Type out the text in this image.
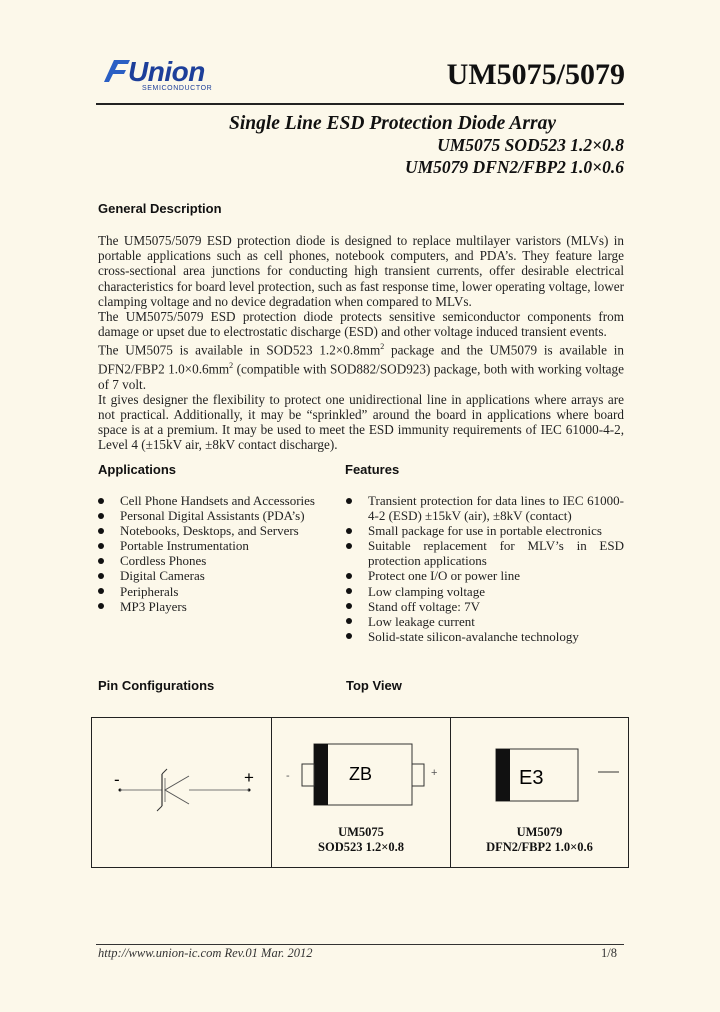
Union
SEMICONDUCTOR	UM5075/5079
Single Line ESD Protection Diode Array
UM5075 SOD523 1.2×0.8
UM5079 DFN2/FBP2 1.0×0.6
General Description
The UM5075/5079 ESD protection diode is designed to replace multilayer varistors (MLVs) in portable applications such as cell phones, notebook computers, and PDA’s. They feature large cross-sectional area junctions for conducting high transient currents, offer desirable electrical characteristics for board level protection, such as fast response time, lower operating voltage, lower clamping voltage and no device degradation when compared to MLVs.
The UM5075/5079 ESD protection diode protects sensitive semiconductor components from damage or upset due to electrostatic discharge (ESD) and other voltage induced transient events.
The UM5075 is available in SOD523 $1.2\times 0.8mm^2$ package and the UM5079 is available in DFN2/FBP2 $1.0\times 0.6mm^2$ (compatible with SOD882/SOD923) package, both with working voltage of 7 volt.
It gives designer the flexibility to protect one unidirectional line in applications where arrays are not practical. Additionally, it may be “sprinkled” around the board in applications where board space is at a premium. It may be used to meet the ESD immunity requirements of IEC 61000-4-2, Level 4 (±15kV air, ±8kV contact discharge).
Applications	Features
Cell Phone Handsets and Accessories
Personal Digital Assistants (PDA’s)
Notebooks, Desktops, and Servers
Portable Instrumentation
Cordless Phones
Digital Cameras
Peripherals
MP3 Players
Transient protection for data lines to IEC 61000-4-2 (ESD) ±15kV (air), ±8kV (contact)
Small package for use in portable electronics
Suitable replacement for MLV’s in ESD protection applications
Protect one I/O or power line
Low clamping voltage
Stand off voltage: 7V
Low leakage current
Solid-state silicon-avalanche technology
Pin Configurations	Top View
-	+	-	+
ZB
UM5075
SOD523 1.2×0.8
E3
UM5079
DFN2/FBP2 1.0×0.6
http://www.union-ic.com Rev.01 Mar. 2012	1/8
